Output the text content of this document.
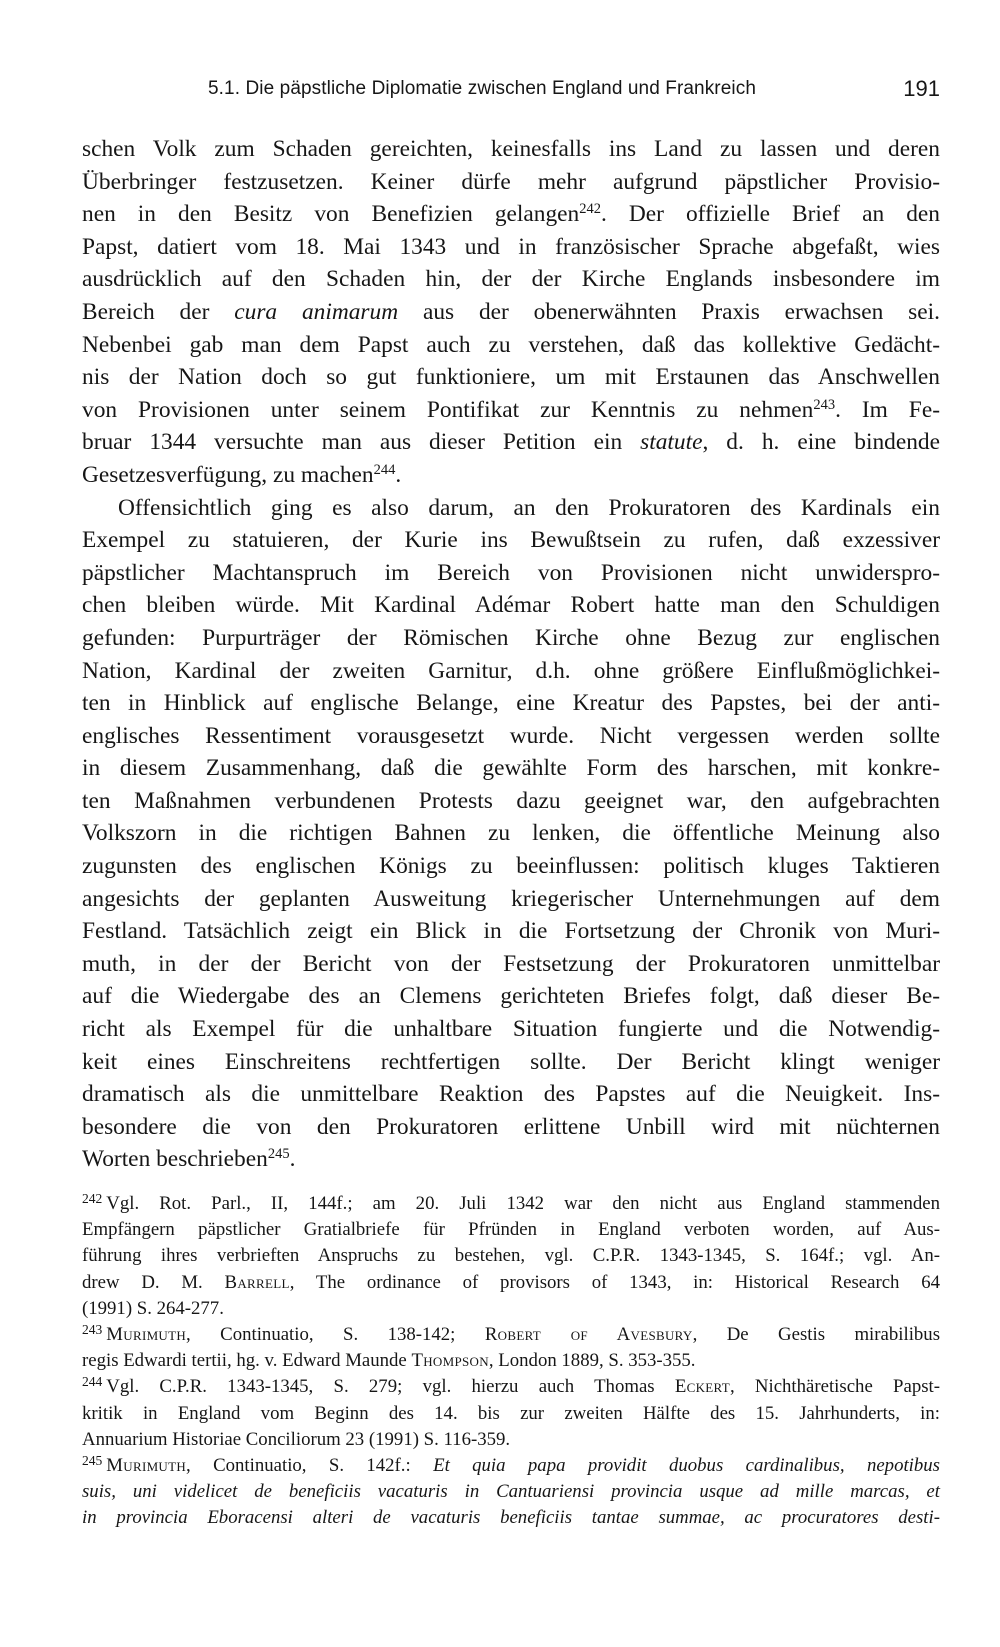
5.1. Die päpstliche Diplomatie zwischen England und Frankreich	191
schen Volk zum Schaden gereichten, keinesfalls ins Land zu lassen und deren
Überbringer festzusetzen. Keiner dürfe mehr aufgrund päpstlicher Provisio-
nen in den Besitz von Benefizien gelangen$^{242}$. Der offizielle Brief an den
Papst, datiert vom 18. Mai 1343 und in französischer Sprache abgefaßt, wies
ausdrücklich auf den Schaden hin, der der Kirche Englands insbesondere im
Bereich der cura animarum aus der obenerwähnten Praxis erwachsen sei.
Nebenbei gab man dem Papst auch zu verstehen, daß das kollektive Gedächt-
nis der Nation doch so gut funktioniere, um mit Erstaunen das Anschwellen
von Provisionen unter seinem Pontifikat zur Kenntnis zu nehmen$^{243}$. Im Fe-
bruar 1344 versuchte man aus dieser Petition ein statute, d. h. eine bindende
Gesetzesverfügung, zu machen$^{244}$.
Offensichtlich ging es also darum, an den Prokuratoren des Kardinals ein
Exempel zu statuieren, der Kurie ins Bewußtsein zu rufen, daß exzessiver
päpstlicher Machtanspruch im Bereich von Provisionen nicht unwiderspro-
chen bleiben würde. Mit Kardinal Adémar Robert hatte man den Schuldigen
gefunden: Purpurträger der Römischen Kirche ohne Bezug zur englischen
Nation, Kardinal der zweiten Garnitur, d.h. ohne größere Einflußmöglichkei-
ten in Hinblick auf englische Belange, eine Kreatur des Papstes, bei der anti-
englisches Ressentiment vorausgesetzt wurde. Nicht vergessen werden sollte
in diesem Zusammenhang, daß die gewählte Form des harschen, mit konkre-
ten Maßnahmen verbundenen Protests dazu geeignet war, den aufgebrachten
Volkszorn in die richtigen Bahnen zu lenken, die öffentliche Meinung also
zugunsten des englischen Königs zu beeinflussen: politisch kluges Taktieren
angesichts der geplanten Ausweitung kriegerischer Unternehmungen auf dem
Festland. Tatsächlich zeigt ein Blick in die Fortsetzung der Chronik von Muri-
muth, in der der Bericht von der Festsetzung der Prokuratoren unmittelbar
auf die Wiedergabe des an Clemens gerichteten Briefes folgt, daß dieser Be-
richt als Exempel für die unhaltbare Situation fungierte und die Notwendig-
keit eines Einschreitens rechtfertigen sollte. Der Bericht klingt weniger
dramatisch als die unmittelbare Reaktion des Papstes auf die Neuigkeit. Ins-
besondere die von den Prokuratoren erlittene Unbill wird mit nüchternen
Worten beschrieben$^{245}$.
$^{242}$ Vgl. Rot. Parl., II, 144f.; am 20. Juli 1342 war den nicht aus England stammenden
Empfängern päpstlicher Gratialbriefe für Pfründen in England verboten worden, auf Aus-
führung ihres verbrieften Anspruchs zu bestehen, vgl. C.P.R. 1343-1345, S. 164f.; vgl. An-
drew D. M. Barrell, The ordinance of provisors of 1343, in: Historical Research 64
(1991) S. 264-277.
$^{243}$ Murimuth, Continuatio, S. 138-142; Robert of Avesbury, De Gestis mirabilibus
regis Edwardi tertii, hg. v. Edward Maunde Thompson, London 1889, S. 353-355.
$^{244}$ Vgl. C.P.R. 1343-1345, S. 279; vgl. hierzu auch Thomas Eckert, Nichthäretische Papst-
kritik in England vom Beginn des 14. bis zur zweiten Hälfte des 15. Jahrhunderts, in:
Annuarium Historiae Conciliorum 23 (1991) S. 116-359.
$^{245}$ Murimuth, Continuatio, S. 142f.: Et quia papa providit duobus cardinalibus, nepotibus
suis, uni videlicet de beneficiis vacaturis in Cantuariensi provincia usque ad mille marcas, et
in provincia Eboracensi alteri de vacaturis beneficiis tantae summae, ac procuratores desti-
